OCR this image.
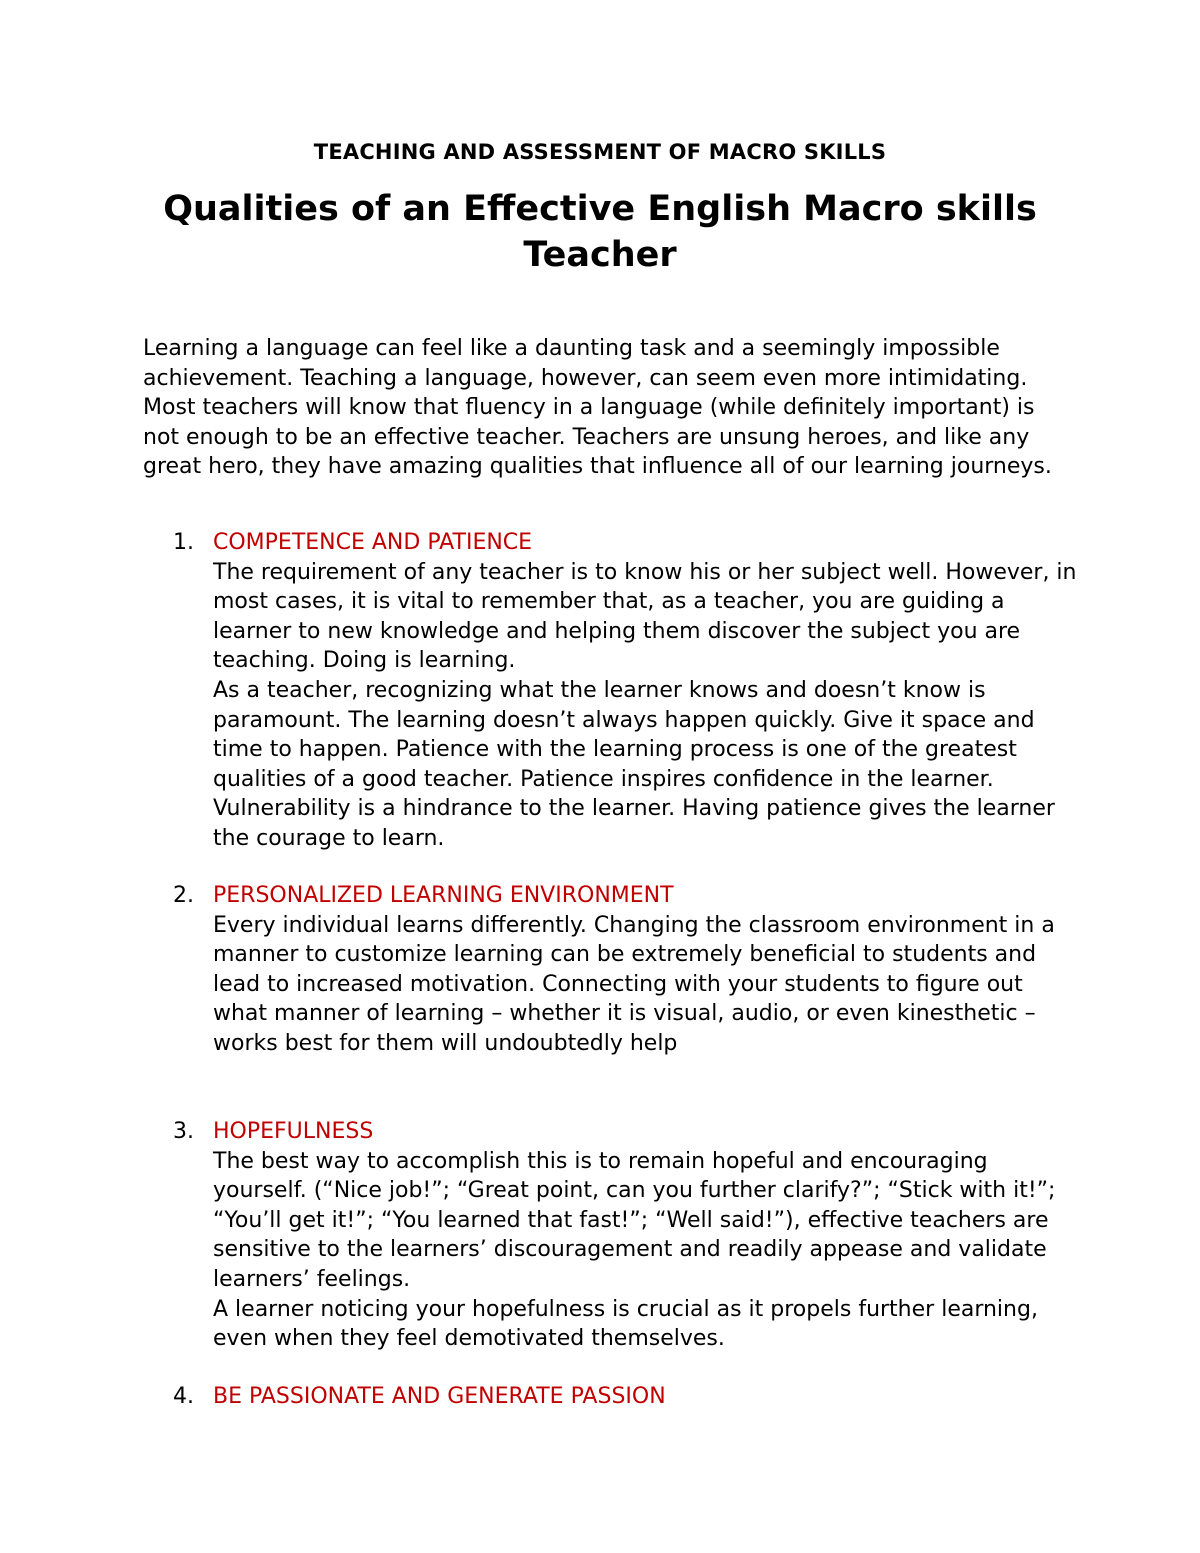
TEACHING AND ASSESSMENT OF MACRO SKILLS
Qualities of an Effective English Macro skills
Teacher

Learning a language can feel like a daunting task and a seemingly impossible achievement. Teaching a language, however, can seem even more intimidating. Most teachers will know that fluency in a language (while definitely important) is not enough to be an effective teacher. Teachers are unsung heroes, and like any great hero, they have amazing qualities that influence all of our learning journeys.

1. COMPETENCE AND PATIENCE

The requirement of any teacher is to know his or her subject well. However, in most cases, it is vital to remember that, as a teacher, you are guiding a learner to new knowledge and helping them discover the subject you are teaching. Doing is learning.

As a teacher, recognizing what the learner knows and doesn’t know is paramount. The learning doesn’t always happen quickly. Give it space and time to happen. Patience with the learning process is one of the greatest qualities of a good teacher. Patience inspires confidence in the learner. Vulnerability is a hindrance to the learner. Having patience gives the learner the courage to learn.

2. PERSONALIZED LEARNING ENVIRONMENT

Every individual learns differently. Changing the classroom environment in a manner to customize learning can be extremely beneficial to students and lead to increased motivation. Connecting with your students to figure out what manner of learning – whether it is visual, audio, or even kinesthetic – works best for them will undoubtedly help

3. HOPEFULNESS

The best way to accomplish this is to remain hopeful and encouraging yourself. (“Nice job!”; “Great point, can you further clarify?”; “Stick with it!”; “You’ll get it!”; “You learned that fast!”; “Well said!”), effective teachers are sensitive to the learners’ discouragement and readily appease and validate learners’ feelings.

A learner noticing your hopefulness is crucial as it propels further learning, even when they feel demotivated themselves.

4. BE PASSIONATE AND GENERATE PASSION
